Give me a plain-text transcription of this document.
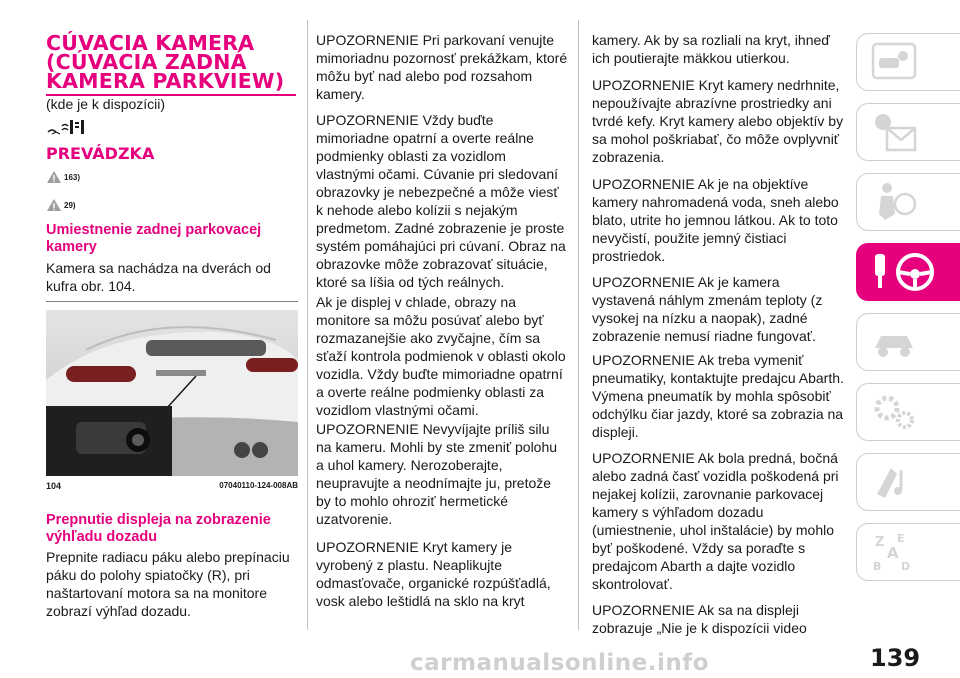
CÚVACIA KAMERA
(CÚVACIA ZADNÁ
KAMERA PARKVIEW)
(kde je k dispozícii)
PREVÁDZKA
163)
29)
Umiestnenie zadnej parkovacej kamery

Kamera sa nachádza na dverách od kufra obr. 104.

104	07040110-124-008AB
Prepnutie displeja na zobrazenie výhľadu dozadu

Prepnite radiacu páku alebo prepínaciu páku do polohy spiatočky (R), pri naštartovaní motora sa na monitore zobrazí výhľad dozadu.

UPOZORNENIE Pri parkovaní venujte mimoriadnu pozornosť prekážkam, ktoré môžu byť nad alebo pod rozsahom kamery.

UPOZORNENIE Vždy buďte mimoriadne opatrní a overte reálne podmienky oblasti za vozidlom vlastnými očami. Cúvanie pri sledovaní obrazovky je nebezpečné a môže viesť k nehode alebo kolízii s nejakým predmetom. Zadné zobrazenie je proste systém pomáhajúci pri cúvaní. Obraz na obrazovke môže zobrazovať situácie, ktoré sa líšia od tých reálnych.

Ak je displej v chlade, obrazy na monitore sa môžu posúvať alebo byť rozmazanejšie ako zvyčajne, čím sa sťaží kontrola podmienok v oblasti okolo vozidla. Vždy buďte mimoriadne opatrní a overte reálne podmienky oblasti za vozidlom vlastnými očami.

UPOZORNENIE Nevyvíjajte príliš silu na kameru. Mohli by ste zmeniť polohu a uhol kamery. Nerozoberajte, neupravujte a neodnímajte ju, pretože by to mohlo ohroziť hermetické uzatvorenie.

UPOZORNENIE Kryt kamery je vyrobený z plastu. Neaplikujte odmasťovače, organické rozpúšťadlá, vosk alebo leštidlá na sklo na kryt

kamery. Ak by sa rozliali na kryt, ihneď ich poutierajte mäkkou utierkou.

UPOZORNENIE Kryt kamery nedrhnite, nepoužívajte abrazívne prostriedky ani tvrdé kefy. Kryt kamery alebo objektív by sa mohol poškriabať, čo môže ovplyvniť zobrazenia.

UPOZORNENIE Ak je na objektíve kamery nahromadená voda, sneh alebo blato, utrite ho jemnou látkou. Ak to toto nevyčistí, použite jemný čistiaci prostriedok.

UPOZORNENIE Ak je kamera vystavená náhlym zmenám teploty (z vysokej na nízku a naopak), zadné zobrazenie nemusí riadne fungovať.

UPOZORNENIE Ak treba vymeniť pneumatiky, kontaktujte predajcu Abarth. Výmena pneumatík by mohla spôsobiť odchýlku čiar jazdy, ktoré sa zobrazia na displeji.

UPOZORNENIE Ak bola predná, bočná alebo zadná časť vozidla poškodená pri nejakej kolízii, zarovnanie parkovacej kamery s výhľadom dozadu (umiestnenie, uhol inštalácie) by mohlo byť poškodené. Vždy sa poraďte s predajcom Abarth a dajte vozidlo skontrolovať.

UPOZORNENIE Ak sa na displeji zobrazuje „Nie je k dispozícii video

Z E
A
B D
139
carmanualsonline.info
